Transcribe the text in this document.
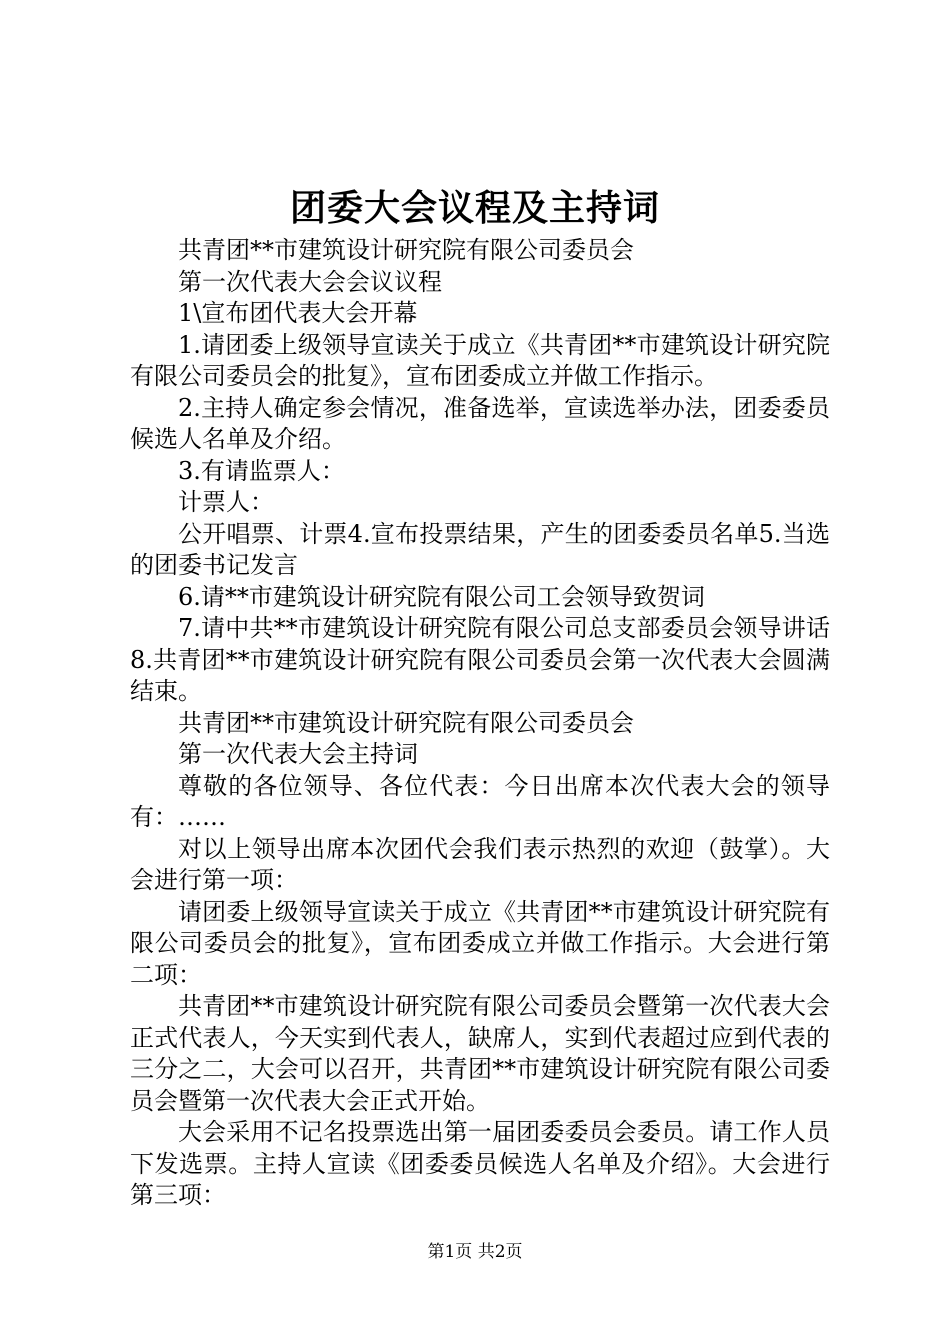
团委大会议程及主持词

共青团**市建筑设计研究院有限公司委员会

第一次代表大会会议议程

1\宣布团代表大会开幕

1.请团委上级领导宣读关于成立《共青团**市建筑设计研究院有限公司委员会的批复》，宣布团委成立并做工作指示。

2.主持人确定参会情况，准备选举，宣读选举办法，团委委员候选人名单及介绍。

3.有请监票人：

计票人：

公开唱票、计票4.宣布投票结果，产生的团委委员名单5.当选的团委书记发言

6.请**市建筑设计研究院有限公司工会领导致贺词

7.请中共**市建筑设计研究院有限公司总支部委员会领导讲话8.共青团**市建筑设计研究院有限公司委员会第一次代表大会圆满结束。

共青团**市建筑设计研究院有限公司委员会

第一次代表大会主持词

尊敬的各位领导、各位代表：今日出席本次代表大会的领导有：……

对以上领导出席本次团代会我们表示热烈的欢迎（鼓掌）。大会进行第一项：

请团委上级领导宣读关于成立《共青团**市建筑设计研究院有限公司委员会的批复》，宣布团委成立并做工作指示。大会进行第二项：

共青团**市建筑设计研究院有限公司委员会暨第一次代表大会正式代表人，今天实到代表人，缺席人，实到代表超过应到代表的三分之二，大会可以召开，共青团**市建筑设计研究院有限公司委员会暨第一次代表大会正式开始。

大会采用不记名投票选出第一届团委委员会委员。请工作人员下发选票。主持人宣读《团委委员候选人名单及介绍》。大会进行第三项：

第1页 共2页
